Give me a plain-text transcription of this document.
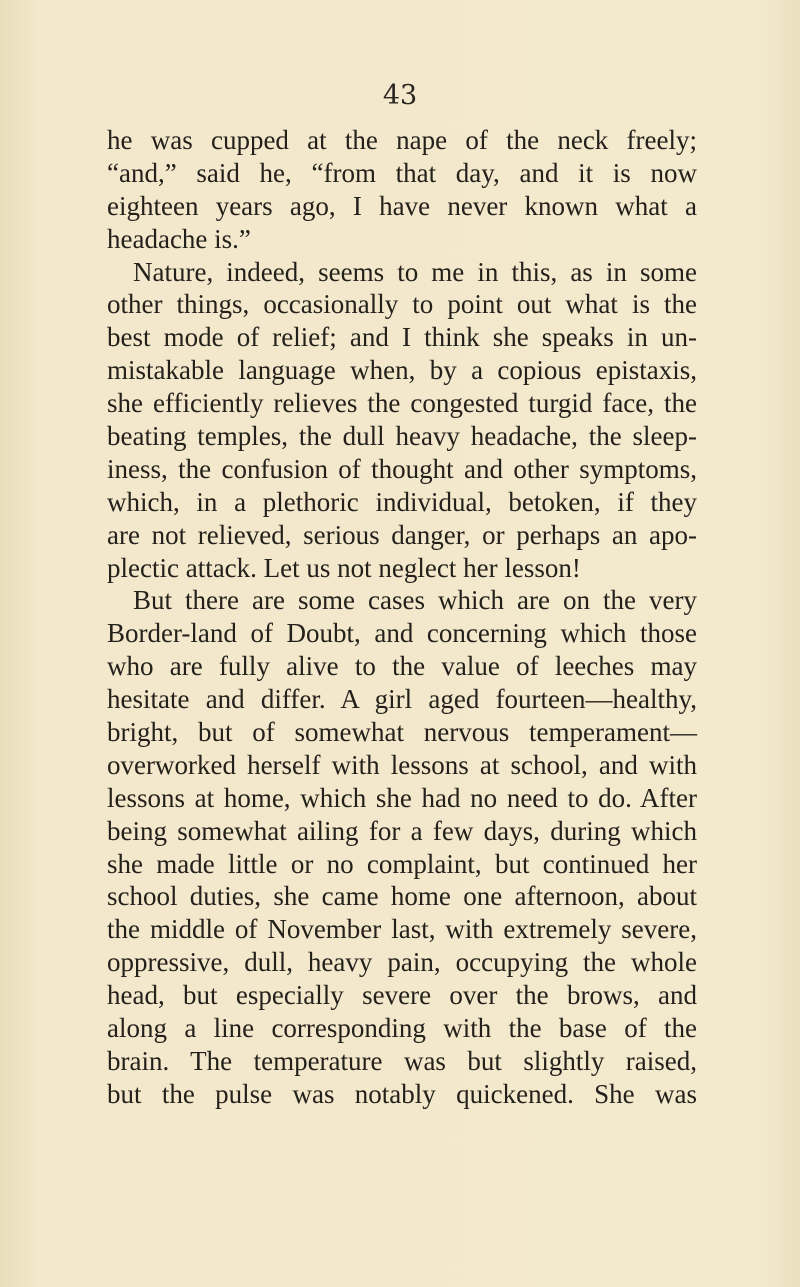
43
he was cupped at the nape of the neck freely;
“and,” said he, “from that day, and it is now
eighteen years ago, I have never known what a
headache is.”
Nature, indeed, seems to me in this, as in some
other things, occasionally to point out what is the
best mode of relief; and I think she speaks in un-
mistakable language when, by a copious epistaxis,
she efficiently relieves the congested turgid face, the
beating temples, the dull heavy headache, the sleep-
iness, the confusion of thought and other symptoms,
which, in a plethoric individual, betoken, if they
are not relieved, serious danger, or perhaps an apo-
plectic attack. Let us not neglect her lesson!
But there are some cases which are on the very
Border-land of Doubt, and concerning which those
who are fully alive to the value of leeches may
hesitate and differ. A girl aged fourteen—healthy,
bright, but of somewhat nervous temperament—
overworked herself with lessons at school, and with
lessons at home, which she had no need to do. After
being somewhat ailing for a few days, during which
she made little or no complaint, but continued her
school duties, she came home one afternoon, about
the middle of November last, with extremely severe,
oppressive, dull, heavy pain, occupying the whole
head, but especially severe over the brows, and
along a line corresponding with the base of the
brain. The temperature was but slightly raised,
but the pulse was notably quickened. She was
